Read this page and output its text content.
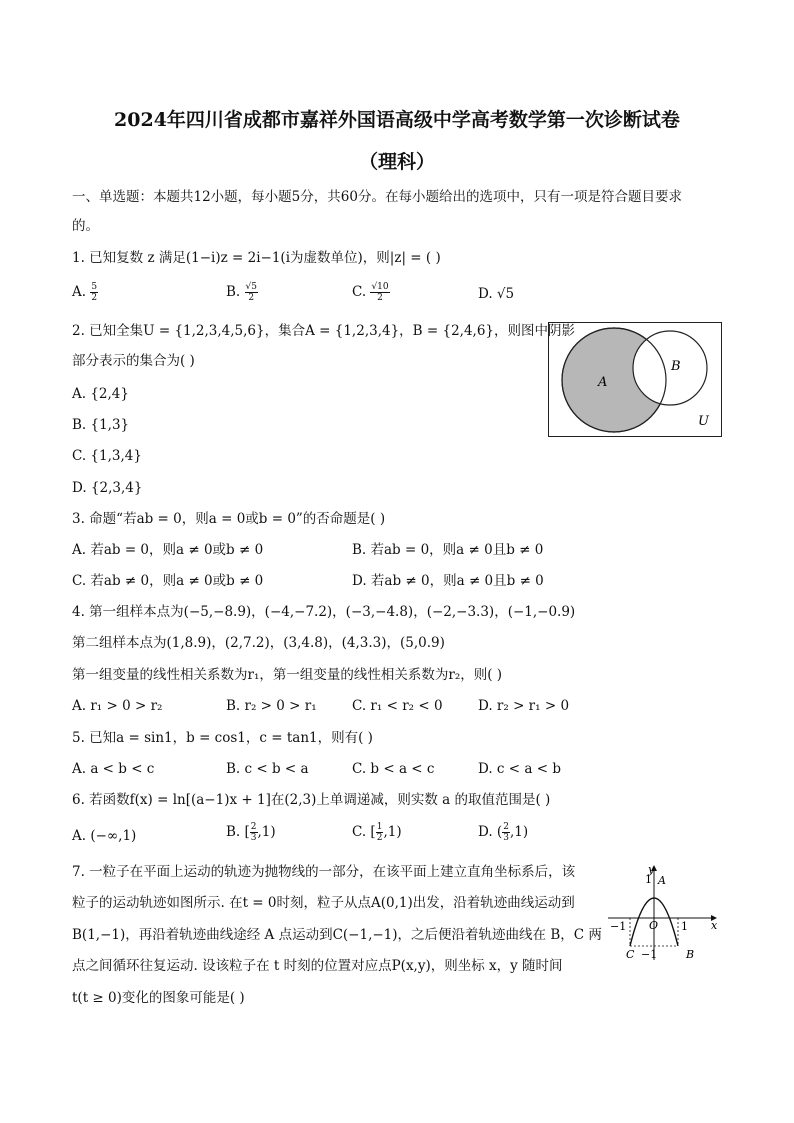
2024年四川省成都市嘉祥外国语高级中学高考数学第一次诊断试卷
（理科）
一、单选题：本题共12小题，每小题5分，共60分。在每小题给出的选项中，只有一项是符合题目要求
的。
1. 已知复数 z 满足(1−i)z = 2i−1(i为虚数单位)，则|z| = ( )
A. $\frac{5}{2}$	B. $\frac{√5}{2}$	C. $\frac{√10}{2}$	D. √5
2. 已知全集U = {1,2,3,4,5,6}，集合A = {1,2,3,4}，B = {2,4,6}，则图中阴影
部分表示的集合为( )
A. {2,4}
B. {1,3}
C. {1,3,4}
D. {2,3,4}
A
B
U
3. 命题“若ab = 0，则a = 0或b = 0”的否命题是( )
A. 若ab = 0，则a ≠ 0或b ≠ 0	B. 若ab = 0，则a ≠ 0且b ≠ 0
C. 若ab ≠ 0，则a ≠ 0或b ≠ 0	D. 若ab ≠ 0，则a ≠ 0且b ≠ 0
4. 第一组样本点为(−5,−8.9)，(−4,−7.2)，(−3,−4.8)，(−2,−3.3)，(−1,−0.9)
第二组样本点为(1,8.9)，(2,7.2)，(3,4.8)，(4,3.3)，(5,0.9)
第一组变量的线性相关系数为r₁，第一组变量的线性相关系数为r₂，则( )
A. r₁ > 0 > r₂	B. r₂ > 0 > r₁	C. r₁ < r₂ < 0	D. r₂ > r₁ > 0
5. 已知a = sin1，b = cos1，c = tan1，则有( )
A. a < b < c	B. c < b < a	C. b < a < c	D. c < a < b
6. 若函数f(x) = ln[(a−1)x + 1]在(2,3)上单调递减，则实数 a 的取值范围是( )
A. (−∞,1)	B. [ $\frac{2}{3} ,1$)	C. [ $\frac{1}{2} ,1$)	D. ( $\frac{2}{3} ,1$)
7. 一粒子在平面上运动的轨迹为抛物线的一部分，在该平面上建立直角坐标系后，该
粒子的运动轨迹如图所示. 在t = 0时刻，粒子从点A(0,1)出发，沿着轨迹曲线运动到
B(1,−1)，再沿着轨迹曲线途经 A 点运动到C(−1,−1)，之后便沿着轨迹曲线在 B，C 两
点之间循环往复运动. 设该粒子在 t 时刻的位置对应点P(x,y)，则坐标 x，y 随时间
t(t ≥ 0)变化的图象可能是( )
y
x
1 A
O
−1	1
C −1	B
